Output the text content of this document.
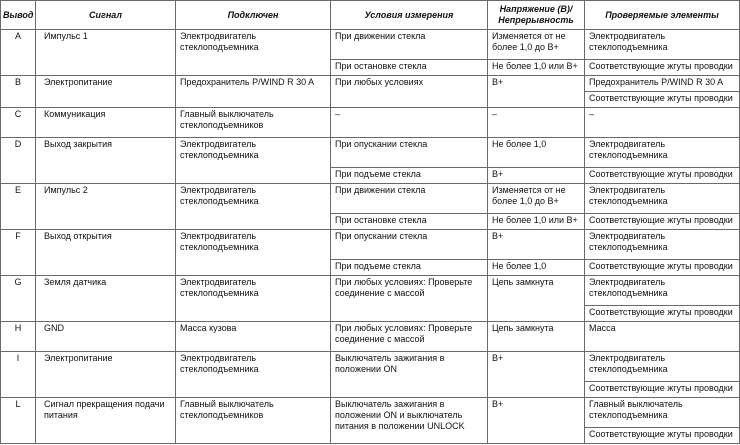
Вывод	Сигнал	Подключен	Условия измерения	Напряжение (В)/ Непрерывность	Проверяемые элементы
A	Импульс 1	Электродвигатель стеклоподъемника	При движении стекла	Изменяется от не более 1,0 до В+	Электродвигатель стеклоподъемника
			При остановке стекла	Не более 1,0 или В+	Соответствующие жгуты проводки
B	Электропитание	Предохранитель P/WIND R 30 A	При любых условиях	В+	Предохранитель P/WIND R 30 A
					Соответствующие жгуты проводки
C	Коммуникация	Главный выключатель стеклоподъемников	–	–	–
D	Выход закрытия	Электродвигатель стеклоподъемника	При опускании стекла	Не более 1,0	Электродвигатель стеклоподъемника
			При подъеме стекла	В+	Соответствующие жгуты проводки
E	Импульс 2	Электродвигатель стеклоподъемника	При движении стекла	Изменяется от не более 1,0 до В+	Электродвигатель стеклоподъемника
			При остановке стекла	Не более 1,0 или В+	Соответствующие жгуты проводки
F	Выход открытия	Электродвигатель стеклоподъемника	При опускании стекла	В+	Электродвигатель стеклоподъемника
			При подъеме стекла	Не более 1,0	Соответствующие жгуты проводки
G	Земля датчика	Электродвигатель стеклоподъемника	При любых условиях: Проверьте соединение с массой	Цепь замкнута	Электродвигатель стеклоподъемника
					Соответствующие жгуты проводки
H	GND	Масса кузова	При любых условиях: Проверьте соединение с массой	Цепь замкнута	Масса
I	Электропитание	Электродвигатель стеклоподъемника	Выключатель зажигания в положении ON	В+	Электродвигатель стеклоподъемника
					Соответствующие жгуты проводки
L	Сигнал прекращения подачи питания	Главный выключатель стеклоподъемников	Выключатель зажигания в положении ON и выключатель питания в положении UNLOCK	В+	Главный выключатель стеклоподъемника
					Соответствующие жгуты проводки
